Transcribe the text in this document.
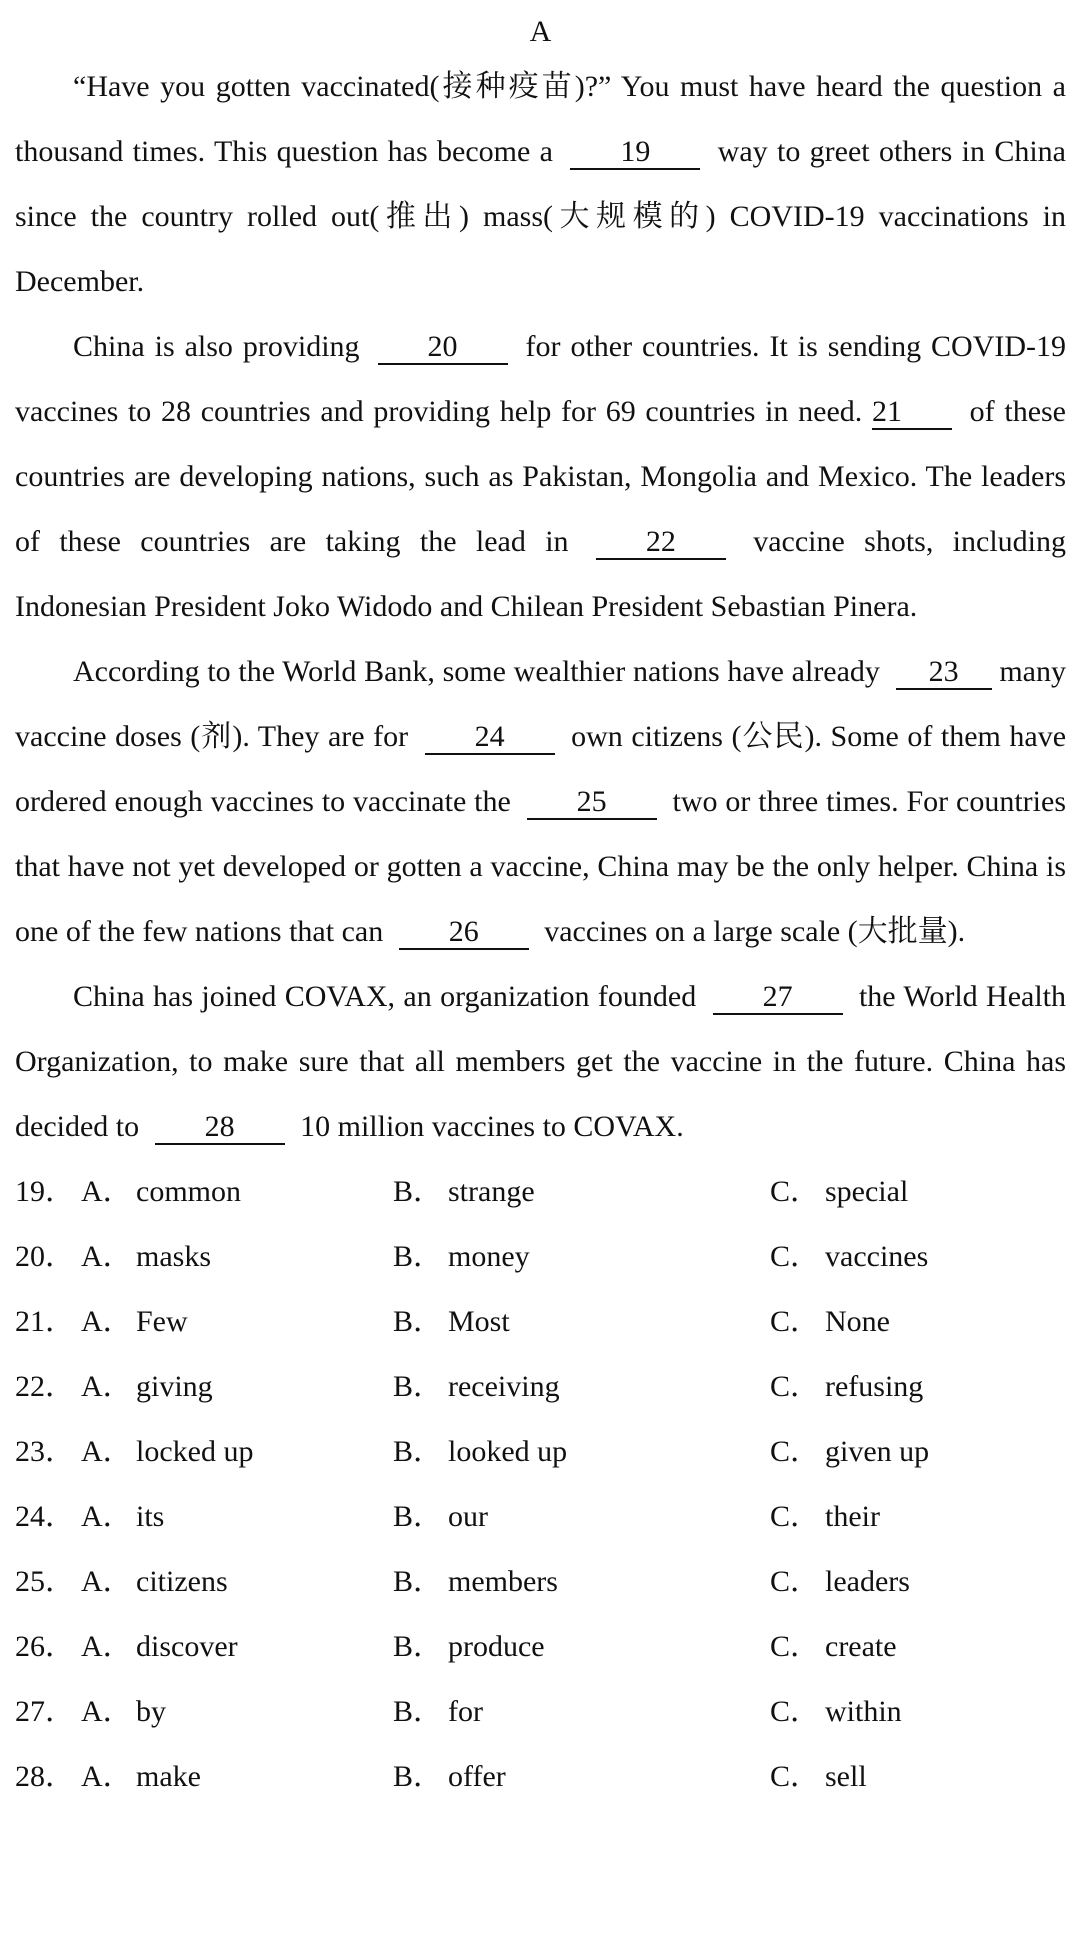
A

“Have you gotten vaccinated(接种疫苗)?” You must have heard the question a thousand times. This question has become a 19 way to greet others in China since the country rolled out(推出) mass(大规模的) COVID-19 vaccinations in December.

China is also providing 20 for other countries. It is sending COVID-19 vaccines to 28 countries and providing help for 69 countries in need. 21 of these countries are developing nations, such as Pakistan, Mongolia and Mexico. The leaders of these countries are taking the lead in	22	vaccine shots, including Indonesian President Joko Widodo and Chilean President Sebastian Pinera.

According to the World Bank, some wealthier nations have already 23 many vaccine doses (剂). They are for 24 own citizens (公民). Some of them have ordered enough vaccines to vaccinate the 25 two or three times. For countries that have not yet developed or gotten a vaccine, China may be the only helper. China is one of the few nations that can 26 vaccines on a large scale (大批量).

China has joined COVAX, an organization founded 27 the World Health Organization, to make sure that all members get the vaccine in the future. China has decided to 28 10 million vaccines to COVAX.

19． A． common	B． strange	C． special
20． A． masks	B． money	C． vaccines
21． A． Few	B． Most	C． None
22． A． giving	B． receiving	C． refusing
23． A． locked up	B． looked up	C． given up
24． A． its	B． our	C． their
25． A． citizens	B． members	C． leaders
26． A． discover	B． produce	C． create
27． A． by	B． for	C． within
28． A． make	B． offer	C． sell
